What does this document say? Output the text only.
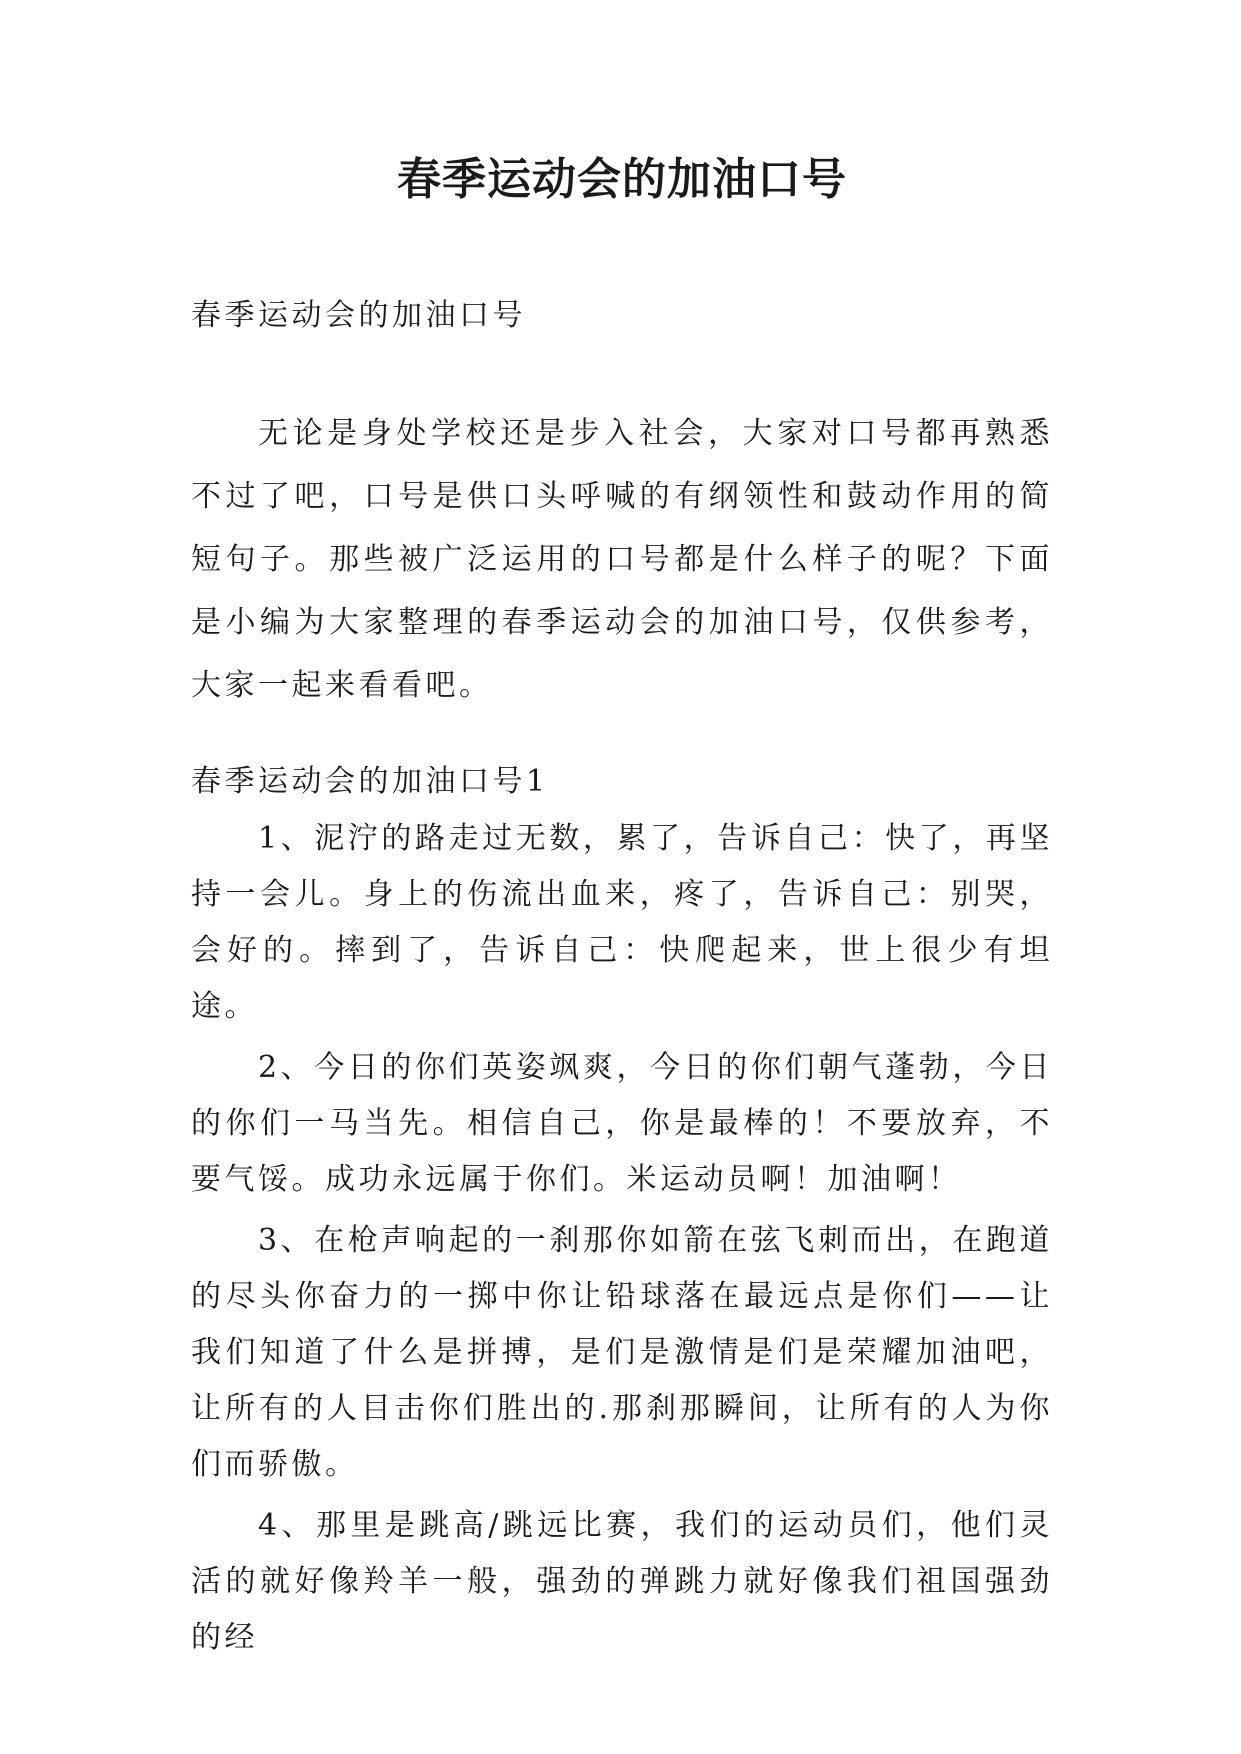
春季运动会的加油口号

春季运动会的加油口号

无论是身处学校还是步入社会，大家对口号都再熟悉不过了吧，口号是供口头呼喊的有纲领性和鼓动作用的简短句子。那些被广泛运用的口号都是什么样子的呢？下面是小编为大家整理的春季运动会的加油口号，仅供参考，大家一起来看看吧。

春季运动会的加油口号1

1、泥泞的路走过无数，累了，告诉自己：快了，再坚持一会儿。身上的伤流出血来，疼了，告诉自己：别哭，会好的。摔到了，告诉自己：快爬起来，世上很少有坦途。

2、今日的你们英姿飒爽，今日的你们朝气蓬勃，今日的你们一马当先。相信自己，你是最棒的！不要放弃，不要气馁。成功永远属于你们。米运动员啊！加油啊！

3、在枪声响起的一刹那你如箭在弦飞刺而出，在跑道的尽头你奋力的一掷中你让铅球落在最远点是你们——让我们知道了什么是拼搏，是们是激情是们是荣耀加油吧，让所有的人目击你们胜出的.那刹那瞬间，让所有的人为你们而骄傲。

4、那里是跳高/跳远比赛，我们的运动员们，他们灵活的就好像羚羊一般，强劲的弹跳力就好像我们祖国强劲的经
